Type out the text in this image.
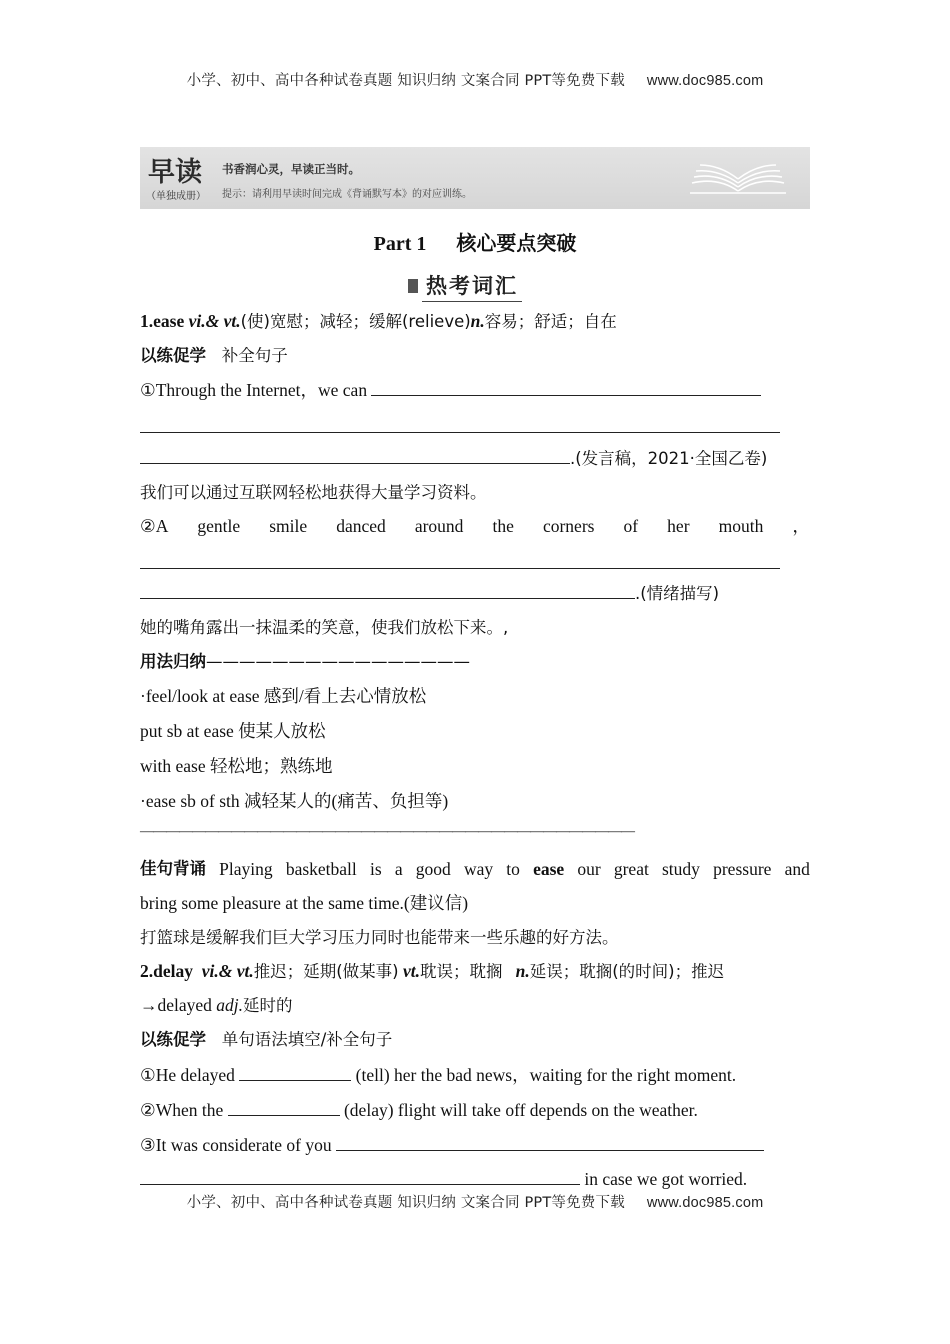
小学、初中、高中各种试卷真题 知识归纳 文案合同 PPT等免费下载 www.doc985.com
早读
（单独成册）
书香润心灵，早读正当时。
提示：请利用早读时间完成《背诵默写本》的对应训练。
Part 1 核心要点突破
热考词汇
1.ease vi.& vt.(使)宽慰；减轻；缓解(relieve)n.容易；舒适；自在
以练促学 补全句子
①Through the Internet，we can
.(发言稿，2021·全国乙卷)
我们可以通过互联网轻松地获得大量学习资料。
②A gentle smile danced around the corners of her mouth ，
.(情绪描写)
她的嘴角露出一抹温柔的笑意，使我们放松下来。,
用法归纳————————————————
·feel/look at ease 感到/看上去心情放松
put sb at ease 使某人放松
with ease 轻松地；熟练地
·ease sb of sth 减轻某人的(痛苦、负担等)
——————————————————————————————————————
佳句背诵 Playing basketball is a good way to ease our great study pressure and
bring some pleasure at the same time.(建议信)
打篮球是缓解我们巨大学习压力同时也能带来一些乐趣的好方法。
2.delay vi.& vt.推迟；延期(做某事) vt.耽误；耽搁 n.延误；耽搁(的时间)；推迟
→delayed adj.延时的
以练促学 单句语法填空/补全句子
①He delayed	(tell) her the bad news，waiting for the right moment.
②When the	(delay) flight will take off depends on the weather.
③It was considerate of you
in case we got worried.
小学、初中、高中各种试卷真题 知识归纳 文案合同 PPT等免费下载 www.doc985.com
